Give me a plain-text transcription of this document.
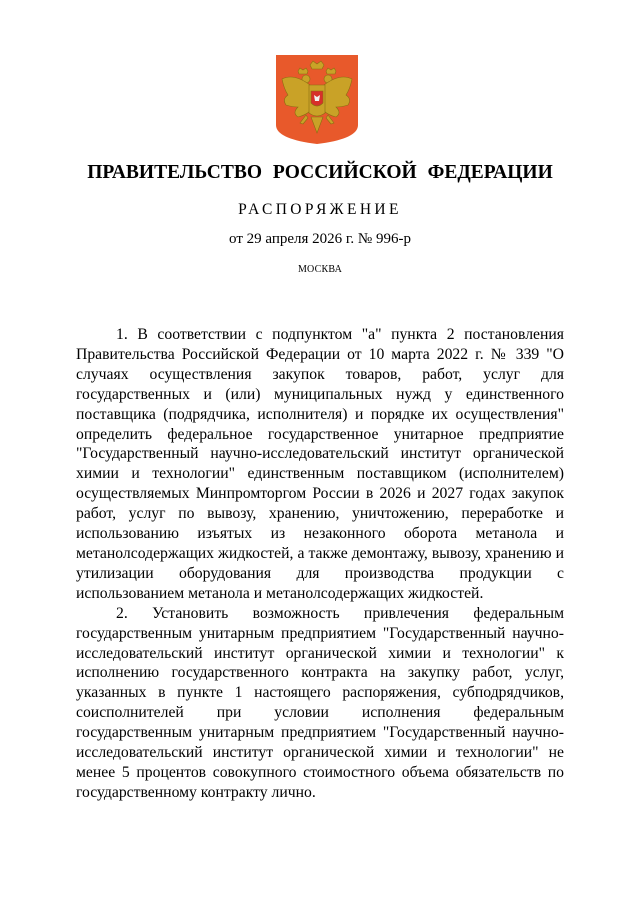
ПРАВИТЕЛЬСТВО РОССИЙСКОЙ ФЕДЕРАЦИИ

РАСПОРЯЖЕНИЕ

от 29 апреля 2026 г. № 996-р

МОСКВА

1. В соответствии с подпунктом "а" пункта 2 постановления Правительства Российской Федерации от 10 марта 2022 г. № 339 "О случаях осуществления закупок товаров, работ, услуг для государственных и (или) муниципальных нужд у единственного поставщика (подрядчика, исполнителя) и порядке их осуществления" определить федеральное государственное унитарное предприятие "Государственный научно-исследовательский институт органической химии и технологии" единственным поставщиком (исполнителем) осуществляемых Минпромторгом России в 2026 и 2027 годах закупок работ, услуг по вывозу, хранению, уничтожению, переработке и использованию изъятых из незаконного оборота метанола и метанолсодержащих жидкостей, а также демонтажу, вывозу, хранению и утилизации оборудования для производства продукции с использованием метанола и метанолсодержащих жидкостей.

2. Установить возможность привлечения федеральным государственным унитарным предприятием "Государственный научно-исследовательский институт органической химии и технологии" к исполнению государственного контракта на закупку работ, услуг, указанных в пункте 1 настоящего распоряжения, субподрядчиков, соисполнителей при условии исполнения федеральным государственным унитарным предприятием "Государственный научно-исследовательский институт органической химии и технологии" не менее 5 процентов совокупного стоимостного объема обязательств по государственному контракту лично.
